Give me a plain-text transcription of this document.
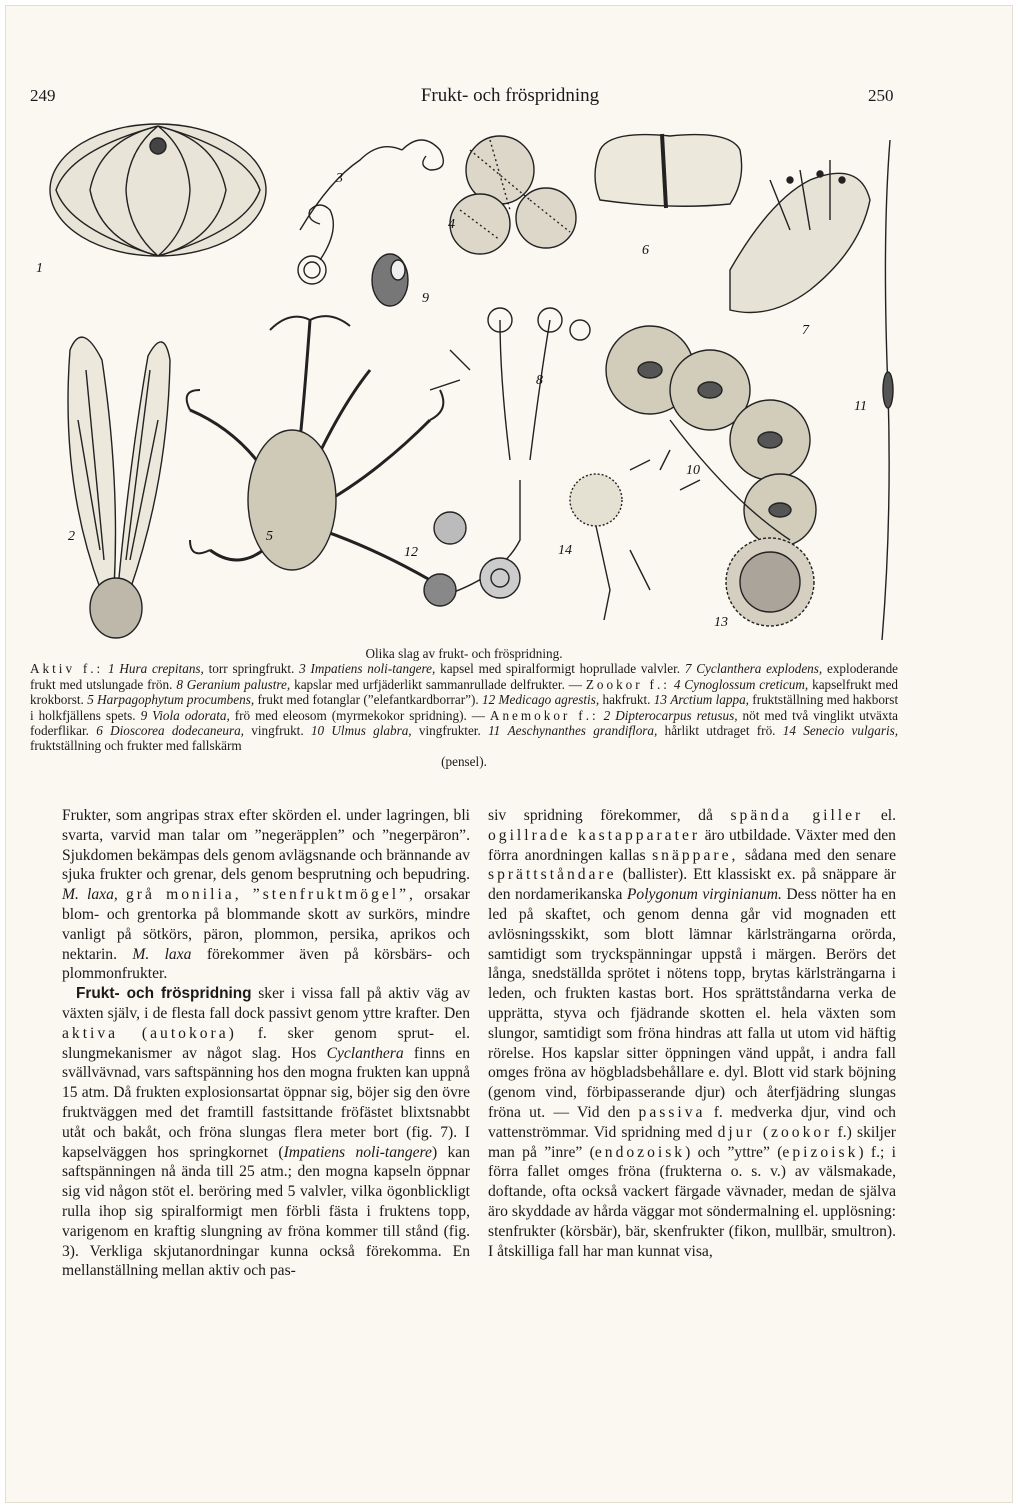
249	Frukt- och fröspridning	250
1
2
3
4
5
6
7
8
9
10
11
12
13
14
Olika slag av frukt- och fröspridning.
Aktiv f.: 1 Hura crepitans, torr springfrukt. 3 Impatiens noli-tangere, kapsel med spiralformigt hoprullade valvler. 7 Cyclanthera explodens, exploderande frukt med utslungade frön. 8 Geranium palustre, kapslar med urfjäderlikt sammanrullade delfrukter. — Zookor f.: 4 Cynoglossum creticum, kapselfrukt med krokborst. 5 Harpagophytum procumbens, frukt med fotanglar (”elefantkardborrar”). 12 Medicago agrestis, hakfrukt. 13 Arctium lappa, fruktställning med hakborst i holkfjällens spets. 9 Viola odorata, frö med eleosom (myrmekokor spridning). — Anemokor f.: 2 Dipterocarpus retusus, nöt med två vinglikt utväxta foderflikar. 6 Dioscorea dodecaneura, vingfrukt. 10 Ulmus glabra, vingfrukter. 11 Aeschynanthes grandiflora, hårlikt utdraget frö. 14 Senecio vulgaris, fruktställning och frukter med fallskärm
(pensel).

Frukter, som angripas strax efter skörden el. under lagringen, bli svarta, varvid man talar om ”negeräpplen” och ”negerpäron”. Sjukdomen bekämpas dels genom avlägsnande och brännande av sjuka frukter och grenar, dels genom besprutning och bepudring. M. laxa, grå monilia, ”stenfruktmögel”, orsakar blom- och grentorka på blommande skott av surkörs, mindre vanligt på sötkörs, päron, plommon, persika, aprikos och nektarin. M. laxa förekommer även på körsbärs- och plommonfrukter.

Frukt- och fröspridning sker i vissa fall på aktiv väg av växten själv, i de flesta fall dock passivt genom yttre krafter. Den aktiva (autokora) f. sker genom sprut- el. slungmekanismer av något slag. Hos Cyclanthera finns en svällvävnad, vars saftspänning hos den mogna frukten kan uppnå 15 atm. Då frukten explosionsartat öppnar sig, böjer sig den övre fruktväggen med det framtill fastsittande fröfästet blixtsnabbt utåt och bakåt, och fröna slungas flera meter bort (fig. 7). I kapselväggen hos springkornet (Impatiens noli-tangere) kan saftspänningen nå ända till 25 atm.; den mogna kapseln öppnar sig vid någon stöt el. beröring med 5 valvler, vilka ögonblickligt rulla ihop sig spiralformigt men förbli fästa i fruktens topp, varigenom en kraftig slungning av fröna kommer till stånd (fig. 3). Verkliga skjutanordningar kunna också förekomma. En mellanställning mellan aktiv och pas-

siv spridning förekommer, då spända giller el. ogillrade kastapparater äro utbildade. Växter med den förra anordningen kallas snäppare, sådana med den senare sprättståndare (ballister). Ett klassiskt ex. på snäppare är den nordamerikanska Polygonum virginianum. Dess nötter ha en led på skaftet, och genom denna går vid mognaden ett avlösningsskikt, som blott lämnar kärlsträngarna orörda, samtidigt som tryckspänningar uppstå i märgen. Berörs det långa, snedställda sprötet i nötens topp, brytas kärlsträngarna i leden, och frukten kastas bort. Hos sprättståndarna verka de upprätta, styva och fjädrande skotten el. hela växten som slungor, samtidigt som fröna hindras att falla ut utom vid häftig rörelse. Hos kapslar sitter öppningen vänd uppåt, i andra fall omges fröna av högbladsbehållare e. dyl. Blott vid stark böjning (genom vind, förbipasserande djur) och återfjädring slungas fröna ut. — Vid den passiva f. medverka djur, vind och vattenströmmar. Vid spridning med djur (zookor f.) skiljer man på ”inre” (endozoisk) och ”yttre” (epizoisk) f.; i förra fallet omges fröna (frukterna o. s. v.) av välsmakade, doftande, ofta också vackert färgade vävnader, medan de själva äro skyddade av hårda väggar mot söndermalning el. upplösning: stenfrukter (körsbär), bär, skenfrukter (fikon, mullbär, smultron). I åtskilliga fall har man kunnat visa,
